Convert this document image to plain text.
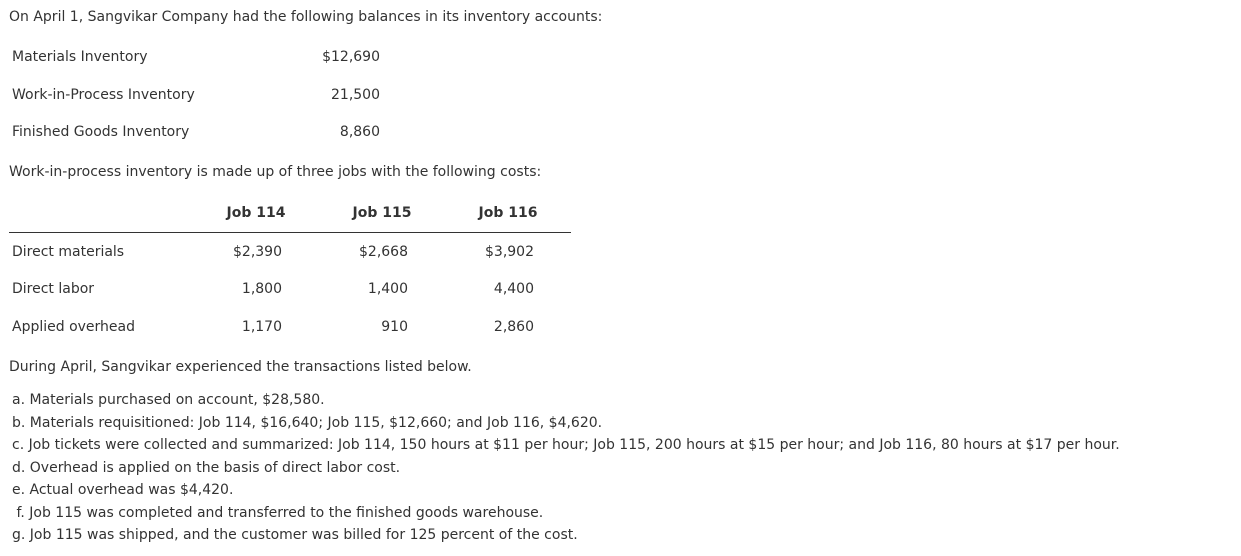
On April 1, Sangvikar Company had the following balances in its inventory accounts:
Materials Inventory	$12,690
Work-in-Process Inventory	21,500
Finished Goods Inventory	8,860
Work-in-process inventory is made up of three jobs with the following costs:
Job 114	Job 115	Job 116
Direct materials	$2,390	$2,668	$3,902
Direct labor	1,800	1,400	4,400
Applied overhead	1,170	910	2,860
During April, Sangvikar experienced the transactions listed below.
a. Materials purchased on account, $28,580.
b. Materials requisitioned: Job 114, $16,640; Job 115, $12,660; and Job 116, $4,620.
c. Job tickets were collected and summarized: Job 114, 150 hours at $11 per hour; Job 115, 200 hours at $15 per hour; and Job 116, 80 hours at $17 per hour.
d. Overhead is applied on the basis of direct labor cost.
e. Actual overhead was $4,420.
f. Job 115 was completed and transferred to the finished goods warehouse.
g. Job 115 was shipped, and the customer was billed for 125 percent of the cost.
